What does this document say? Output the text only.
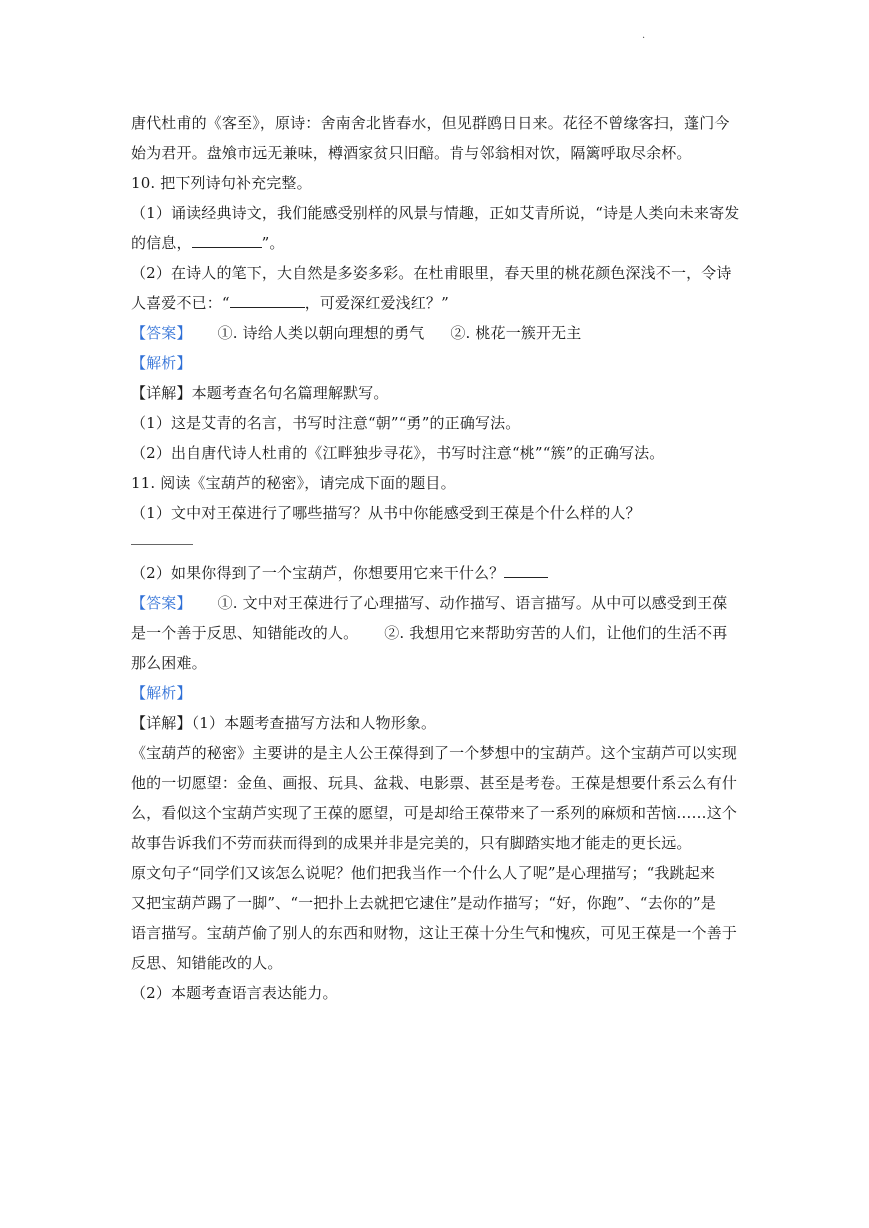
·
唐代杜甫的《客至》，原诗：舍南舍北皆春水，但见群鸥日日来。花径不曾缘客扫，蓬门今
始为君开。盘飧市远无兼味，樽酒家贫只旧醅。肯与邻翁相对饮，隔篱呼取尽余杯。
10. 把下列诗句补充完整。
（1）诵读经典诗文，我们能感受别样的风景与情趣，正如艾青所说，“诗是人类向未来寄发
的信息，	”。
（2）在诗人的笔下，大自然是多姿多彩。在杜甫眼里，春天里的桃花颜色深浅不一，令诗
人喜爱不已：“	，可爱深红爱浅红？”
【答案】 ①. 诗给人类以朝向理想的勇气 ②. 桃花一簇开无主
【解析】
【详解】本题考查名句名篇理解默写。
（1）这是艾青的名言，书写时注意“朝”“勇”的正确写法。
（2）出自唐代诗人杜甫的《江畔独步寻花》，书写时注意“桃”“簇”的正确写法。
11. 阅读《宝葫芦的秘密》，请完成下面的题目。
（1）文中对王葆进行了哪些描写？从书中你能感受到王葆是个什么样的人？
（2）如果你得到了一个宝葫芦，你想要用它来干什么？
【答案】 ①. 文中对王葆进行了心理描写、动作描写、语言描写。从中可以感受到王葆
是一个善于反思、知错能改的人。 ②. 我想用它来帮助穷苦的人们，让他们的生活不再
那么困难。
【解析】
【详解】（1）本题考查描写方法和人物形象。
《宝葫芦的秘密》主要讲的是主人公王葆得到了一个梦想中的宝葫芦。这个宝葫芦可以实现
他的一切愿望：金鱼、画报、玩具、盆栽、电影票、甚至是考卷。王葆是想要什系云么有什
么，看似这个宝葫芦实现了王葆的愿望，可是却给王葆带来了一系列的麻烦和苦恼……这个
故事告诉我们不劳而获而得到的成果并非是完美的，只有脚踏实地才能走的更长远。
原文句子“同学们又该怎么说呢？他们把我当作一个什么人了呢”是心理描写；“我跳起来
又把宝葫芦踢了一脚”、“一把扑上去就把它逮住”是动作描写；“好，你跑”、“去你的”是
语言描写。宝葫芦偷了别人的东西和财物，这让王葆十分生气和愧疚，可见王葆是一个善于
反思、知错能改的人。
（2）本题考查语言表达能力。
